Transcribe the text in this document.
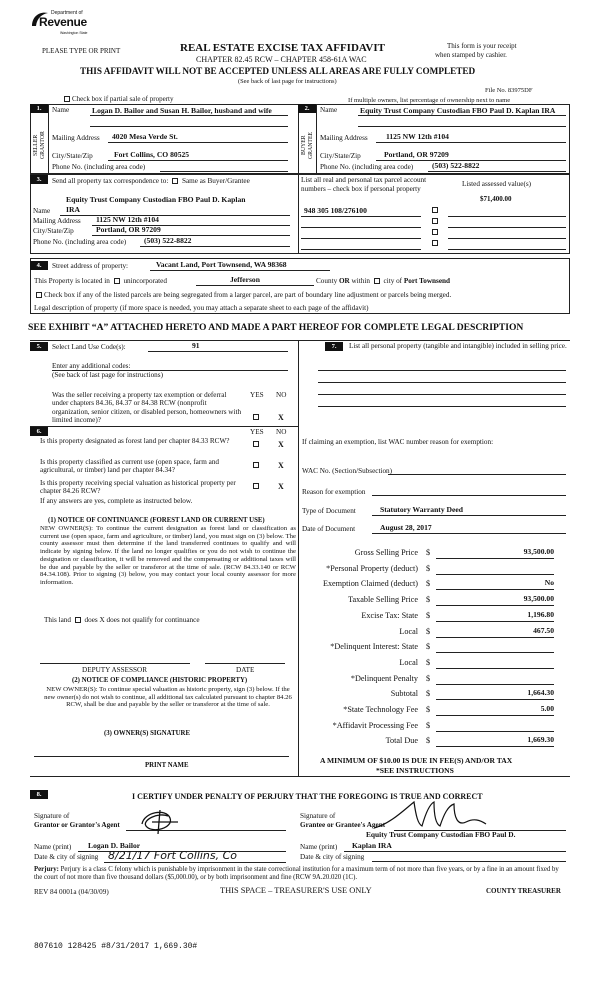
Department of
Revenue
Washington State
PLEASE TYPE OR PRINT	REAL ESTATE EXCISE TAX AFFIDAVIT
CHAPTER 82.45 RCW – CHAPTER 458-61A WAC
This form is your receipt
when stamped by cashier.
THIS AFFIDAVIT WILL NOT BE ACCEPTED UNLESS ALL AREAS ARE FULLY COMPLETED
(See back of last page for instructions)
File No. 83975DF
Check box if partial sale of property	If multiple owners, list percentage of ownership next to name
1.
SELLER GRANTOR
Name	Logan D. Bailor and Susan H. Bailor, husband and wife
Mailing Address 4020 Mesa Verde St.
City/State/Zip	Fort Collins, CO 80525
Phone No. (including area code)
2.
BUYER GRANTEE
Name	Equity Trust Company Custodian FBO Paul D. Kaplan IRA
Mailing Address 1125 NW 12th #104
City/State/Zip	Portland, OR 97209
Phone No. (including area code) (503) 522-8822
3.	Send all property tax correspondence to: Same as Buyer/Grantee
Equity Trust Company Custodian FBO Paul D. Kaplan
Name IRA
Mailing Address 1125 NW 12th #104
City/State/Zip	Portland, OR 97209
Phone No. (including area code) (503) 522-8822
List all real and personal tax parcel account
numbers – check box if personal property
Listed assessed value(s)
$71,400.00
948 305 108/276100
4.	Street address of property:	Vacant Land, Port Townsend, WA 98368
This Property is located in unincorporated	Jefferson	County OR within city of Port Townsend
Check box if any of the listed parcels are being segregated from a larger parcel, are part of boundary line adjustment or parcels being merged.
Legal description of property (if more space is needed, you may attach a separate sheet to each page of the affidavit)
SEE EXHIBIT “A” ATTACHED HERETO AND MADE A PART HEREOF FOR COMPLETE LEGAL DESCRIPTION
5.	Select Land Use Code(s):	91
Enter any additional codes:
(See back of last page for instructions)
YES NO
Was the seller receiving a property tax exemption or deferral under chapters 84.36, 84.37 or 84.38 RCW (nonprofit organization, senior citizen, or disabled person, homeowners with limited income)?	X
6.	YES NO
Is this property designated as forest land per chapter 84.33 RCW?	X
Is this property classified as current use (open space, farm and agricultural, or timber) land per chapter 84.34?
X
Is this property receiving special valuation as historical property per chapter 84.26 RCW?
X
If any answers are yes, complete as instructed below.
(1) NOTICE OF CONTINUANCE (FOREST LAND OR CURRENT USE)
NEW OWNER(S): To continue the current designation as forest land or classification as current use (open space, farm and agriculture, or timber) land, you must sign on (3) below. The county assessor must then determine if the land transferred continues to qualify and will indicate by signing below. If the land no longer qualifies or you do not wish to continue the designation or classification, it will be removed and the compensating or additional taxes will be due and payable by the seller or transferor at the time of sale. (RCW 84.33.140 or RCW 84.34.108). Prior to signing (3) below, you may contact your local county assessor for more information.
This land does X does not qualify for continuance
DEPUTY ASSESSOR	DATE
(2) NOTICE OF COMPLIANCE (HISTORIC PROPERTY)
NEW OWNER(S): To continue special valuation as historic property, sign (3) below. If the new owner(s) do not wish to continue, all additional tax calculated pursuant to chapter 84.26 RCW, shall be due and payable by the seller or transferor at the time of sale.
(3) OWNER(S) SIGNATURE
PRINT NAME
7.	List all personal property (tangible and intangible) included in selling price.
If claiming an exemption, list WAC number reason for exemption:
WAC No. (Section/Subsection)
Reason for exemption
Type of Document	Statutory Warranty Deed
Date of Document	August 28, 2017
Gross Selling Price $	93,500.00
*Personal Property (deduct) $
Exemption Claimed (deduct) $	No
Taxable Selling Price $	93,500.00
Excise Tax: State $	1,196.80
Local $	467.50
*Delinquent Interest: State $
Local $
*Delinquent Penalty $
Subtotal $	1,664.30
*State Technology Fee $	5.00
*Affidavit Processing Fee $
Total Due $	1,669.30
A MINIMUM OF $10.00 IS DUE IN FEE(S) AND/OR TAX
*SEE INSTRUCTIONS
8.	I CERTIFY UNDER PENALTY OF PERJURY THAT THE FOREGOING IS TRUE AND CORRECT
Signature of
Grantor or Grantor's Agent
Signature of
Grantee or Grantee's Agent
Equity Trust Company Custodian FBO Paul D.
Name (print) Logan D. Bailor	Name (print) Kaplan IRA
Date & city of signing 8/21/17 Fort Collins, Co	Date & city of signing
Perjury: Perjury is a class C felony which is punishable by imprisonment in the state correctional institution for a maximum term of not more than five years, or by a fine in an amount fixed by the court of not more than five thousand dollars ($5,000.00), or by both imprisonment and fine (RCW 9A.20.020 (1C).
REV 84 0001a (04/30/09)	THIS SPACE – TREASURER'S USE ONLY	COUNTY TREASURER
807610 128425 #8/31/2017 1,669.30#
